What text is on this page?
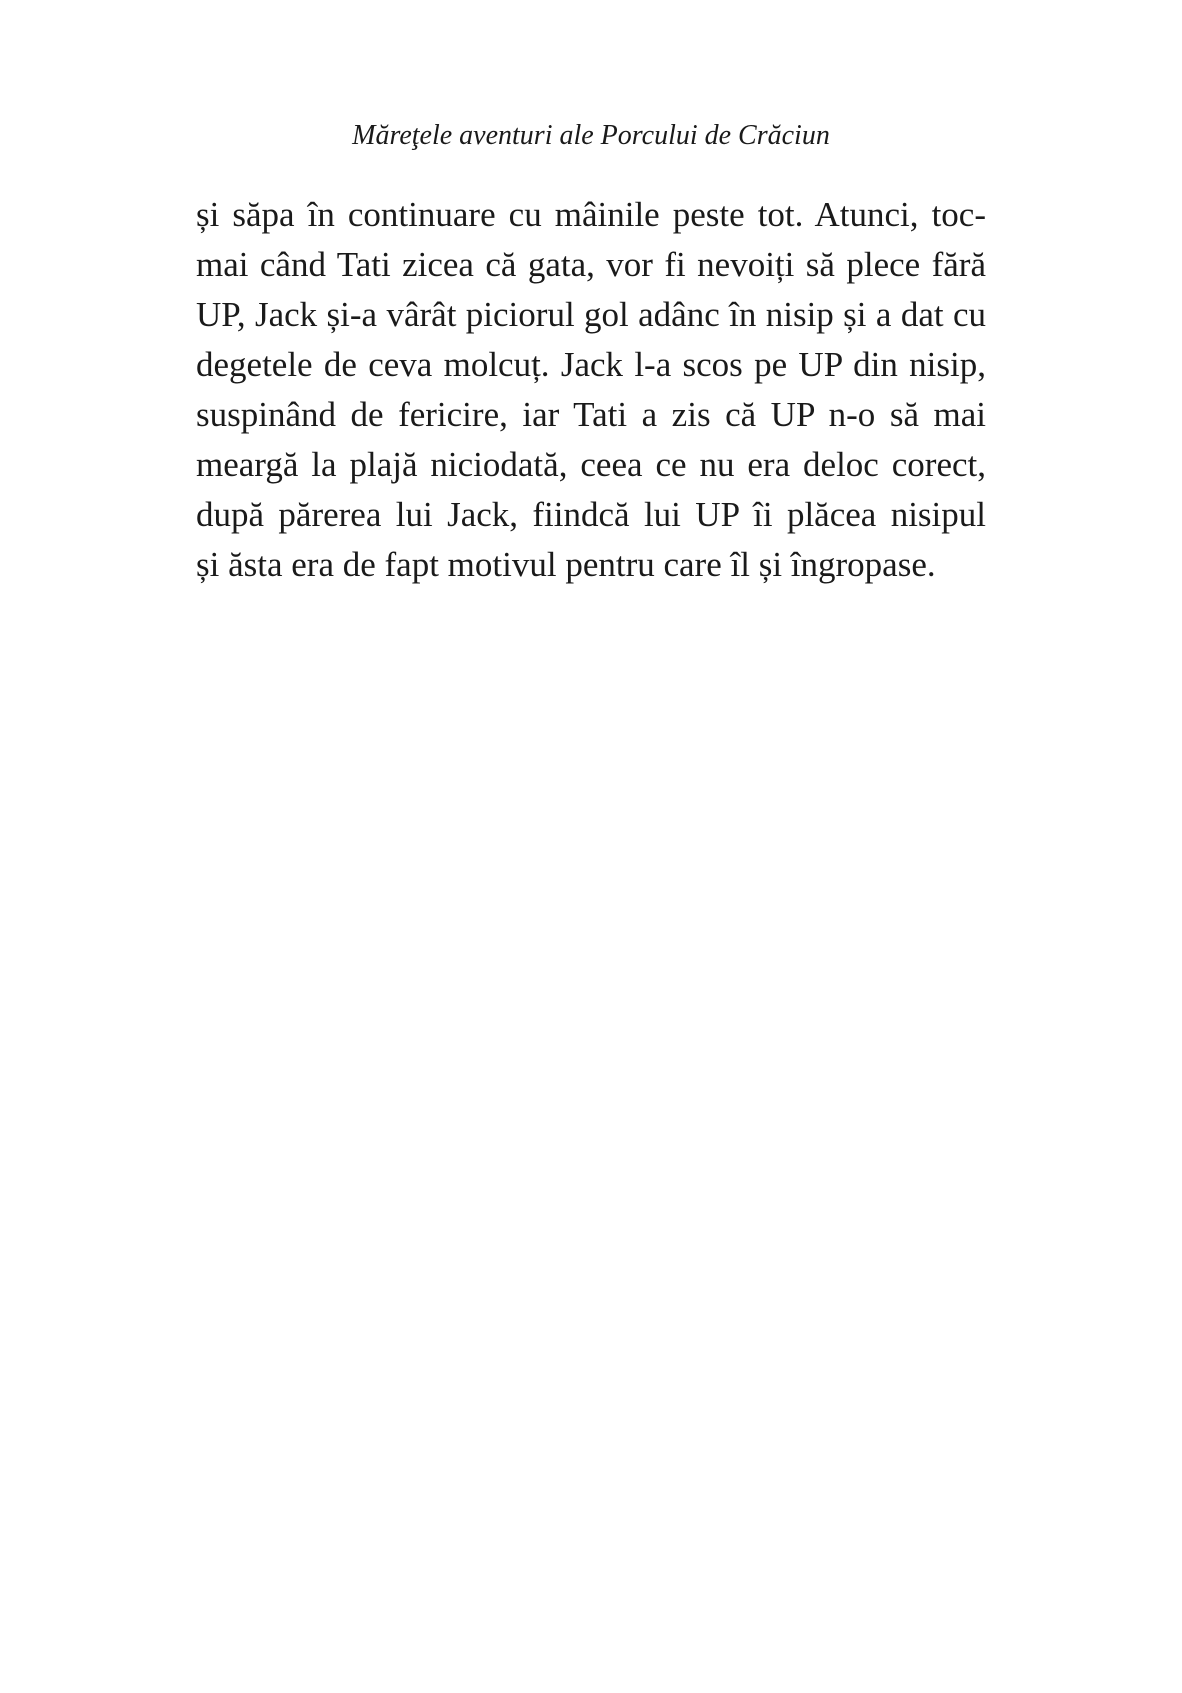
Măreţele aventuri ale Porcului de Crăciun

și săpa în continuare cu mâinile peste tot. Atunci, toc-
mai când Tati zicea că gata, vor fi nevoiți să plece fără
UP, Jack și-a vârât piciorul gol adânc în nisip și a dat cu
degetele de ceva molcuț. Jack l-a scos pe UP din nisip,
suspinând de fericire, iar Tati a zis că UP n-o să mai
meargă la plajă niciodată, ceea ce nu era deloc corect,
după părerea lui Jack, fiindcă lui UP îi plăcea nisipul
și ăsta era de fapt motivul pentru care îl și îngropase.
